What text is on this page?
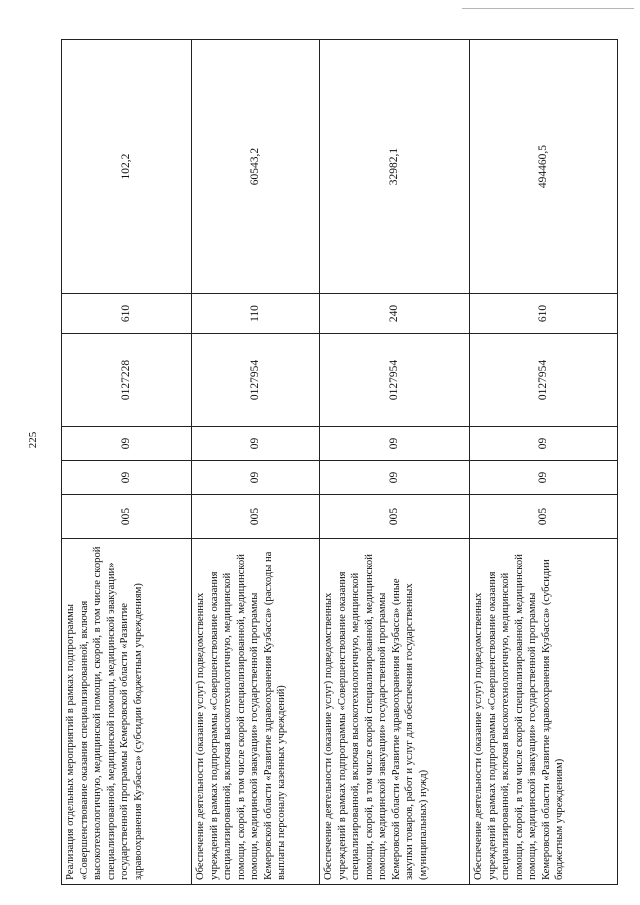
225
Реализация отдельных мероприятий в рамках подпрограммы «Совершенствование оказания специализированной, включая высокотехнологичную, медицинской помощи, скорой, в том числе скорой специализированной, медицинской помощи, медицинской эвакуации» государственной программы Кемеровской области «Развитие здравоохранения Кузбасса» (субсидии бюджетным учреждениям)	005	09	09	0127228	610	102,2
Обеспечение деятельности (оказание услуг) подведомственных учреждений в рамках подпрограммы «Совершенствование оказания специализированной, включая высокотехнологичную, медицинской помощи, скорой, в том числе скорой специализированной, медицинской помощи, медицинской эвакуации» государственной программы Кемеровской области «Развитие здравоохранения Кузбасса» (расходы на выплаты персоналу казенных учреждений)	005	09	09	0127954	110	60543,2
Обеспечение деятельности (оказание услуг) подведомственных учреждений в рамках подпрограммы «Совершенствование оказания специализированной, включая высокотехнологичную, медицинской помощи, скорой, в том числе скорой специализированной, медицинской помощи, медицинской эвакуации» государственной программы Кемеровской области «Развитие здравоохранения Кузбасса» (иные закупки товаров, работ и услуг для обеспечения государственных (муниципальных) нужд)	005	09	09	0127954	240	32982,1
Обеспечение деятельности (оказание услуг) подведомственных учреждений в рамках подпрограммы «Совершенствование оказания специализированной, включая высокотехнологичную, медицинской помощи, скорой, в том числе скорой специализированной, медицинской помощи, медицинской эвакуации» государственной программы Кемеровской области «Развитие здравоохранения Кузбасса» (субсидии бюджетным учреждениям)	005	09	09	0127954	610	494460,5
